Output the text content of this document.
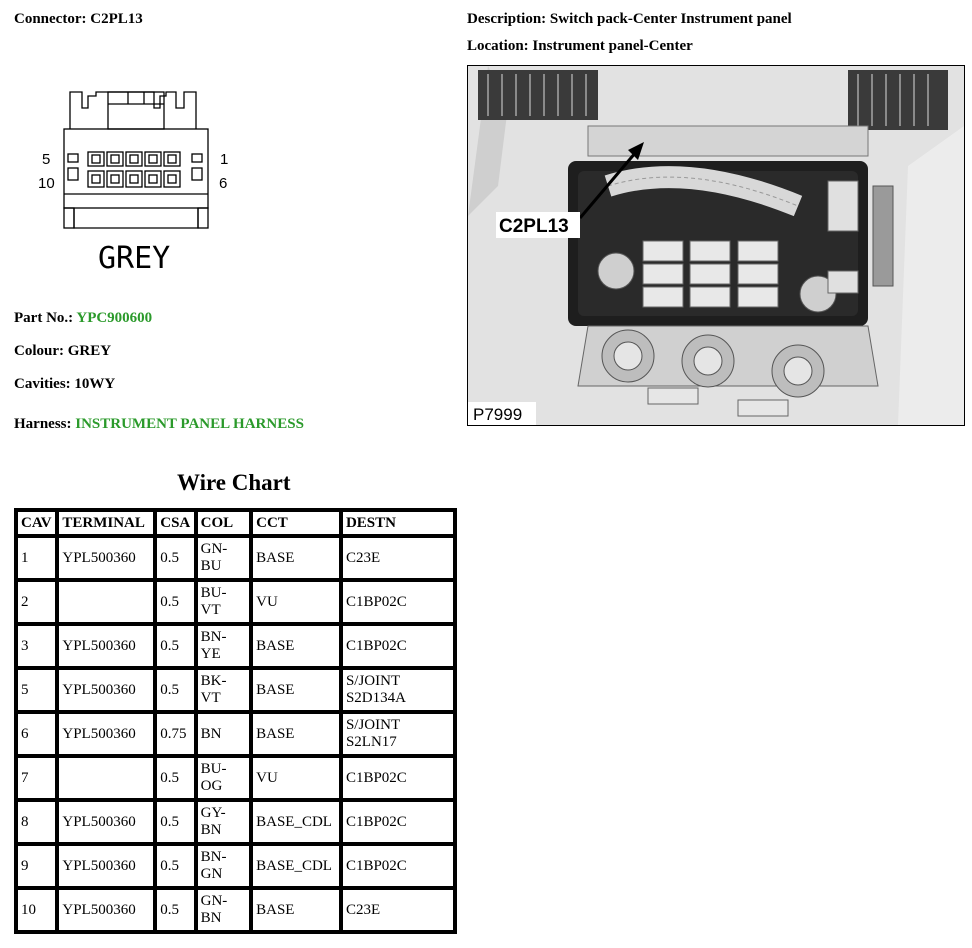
Connector: C2PL13	Description: Switch pack-Center Instrument panel
Location: Instrument panel-Center
5
10
1
6
GREY
C2PL13
P7999
Part No.: YPC900600
Colour: GREY
Cavities: 10WY
Harness: INSTRUMENT PANEL HARNESS
Wire Chart
CAV	TERMINAL	CSA	COL	CCT	DESTN
1	YPL500360	0.5	GN-BU	BASE	C23E
2		0.5	BU-VT	VU	C1BP02C
3	YPL500360	0.5	BN-YE	BASE	C1BP02C
5	YPL500360	0.5	BK-VT	BASE	S/JOINT S2D134A
6	YPL500360	0.75	BN	BASE	S/JOINT S2LN17
7		0.5	BU-OG	VU	C1BP02C
8	YPL500360	0.5	GY-BN	BASE_CDL	C1BP02C
9	YPL500360	0.5	BN-GN	BASE_CDL	C1BP02C
10	YPL500360	0.5	GN-BN	BASE	C23E
